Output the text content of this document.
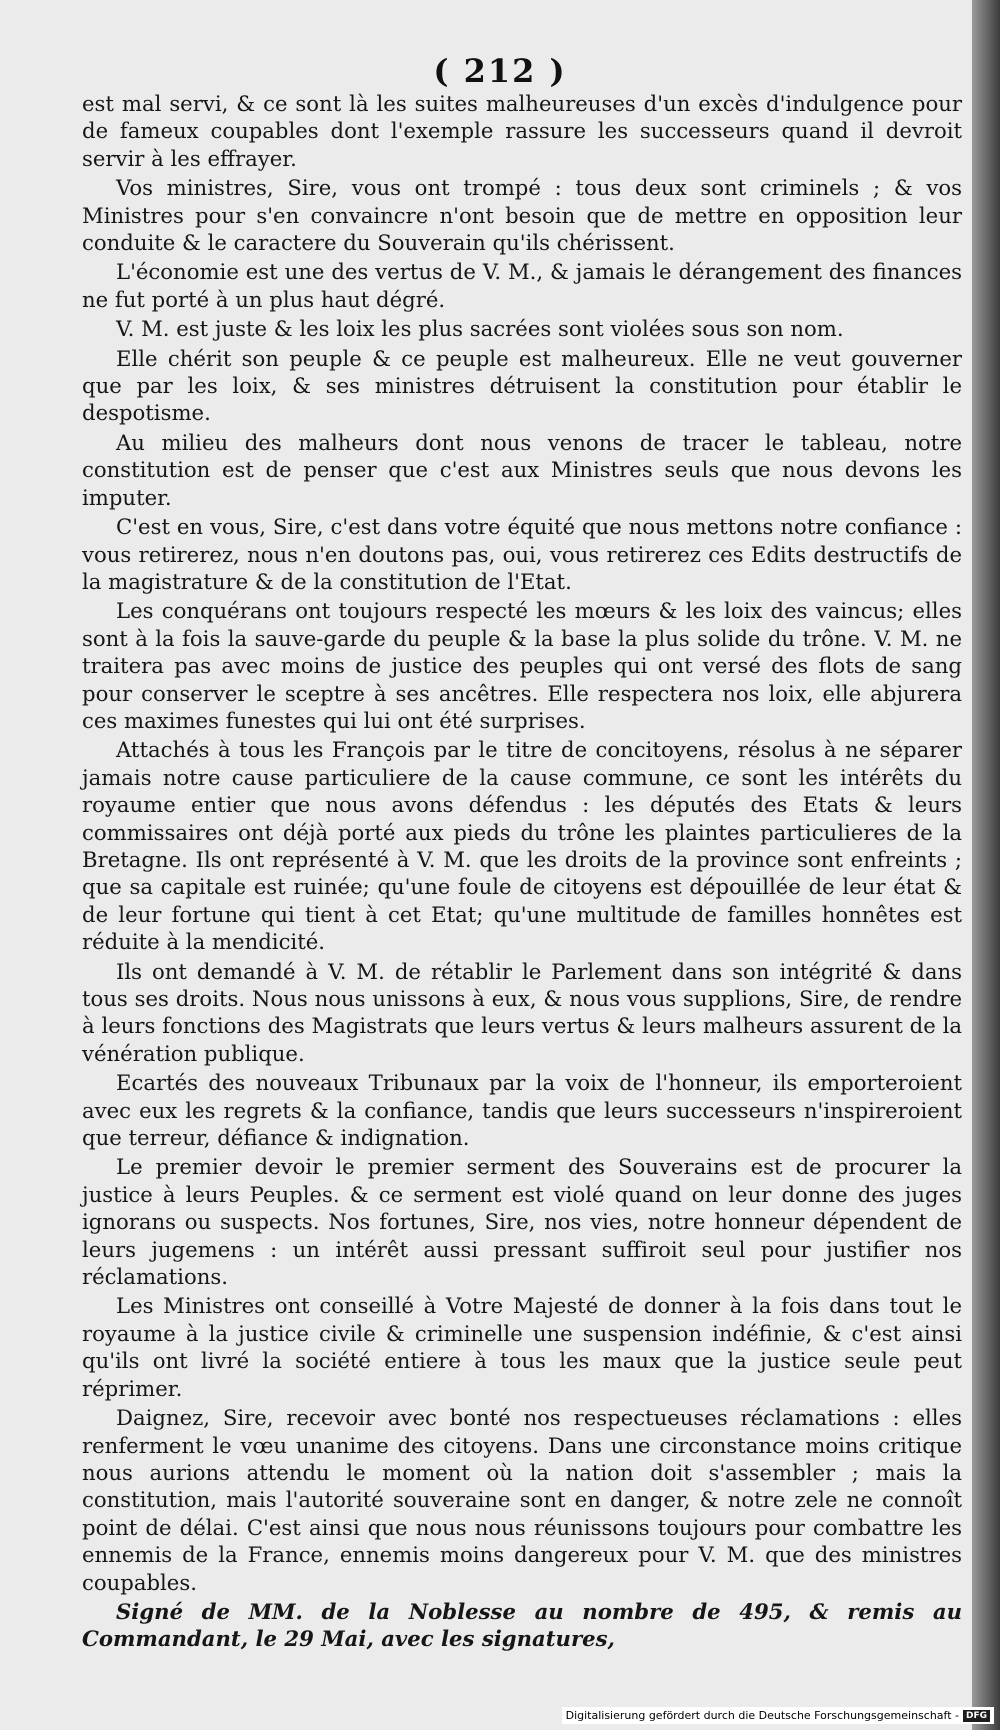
( 212 )

est mal servi, & ce sont là les suites malheureuses d'un excès d'indulgence pour de fameux coupables dont l'exemple rassure les successeurs quand il devroit servir à les effrayer.

Vos ministres, Sire, vous ont trompé : tous deux sont criminels ; & vos Ministres pour s'en convaincre n'ont besoin que de mettre en opposition leur conduite & le caractere du Souverain qu'ils chérissent.

L'économie est une des vertus de V. M., & jamais le dérangement des finances ne fut porté à un plus haut dégré.

V. M. est juste & les loix les plus sacrées sont violées sous son nom.

Elle chérit son peuple & ce peuple est malheureux. Elle ne veut gouverner que par les loix, & ses ministres détruisent la constitution pour établir le despotisme.

Au milieu des malheurs dont nous venons de tracer le tableau, notre constitution est de penser que c'est aux Ministres seuls que nous devons les imputer.

C'est en vous, Sire, c'est dans votre équité que nous mettons notre confiance : vous retirerez, nous n'en doutons pas, oui, vous retirerez ces Edits destructifs de la magistrature & de la constitution de l'Etat.

Les conquérans ont toujours respecté les mœurs & les loix des vaincus; elles sont à la fois la sauve-garde du peuple & la base la plus solide du trône. V. M. ne traitera pas avec moins de justice des peuples qui ont versé des flots de sang pour conserver le sceptre à ses ancêtres. Elle respectera nos loix, elle abjurera ces maximes funestes qui lui ont été surprises.

Attachés à tous les François par le titre de concitoyens, résolus à ne séparer jamais notre cause particuliere de la cause commune, ce sont les intérêts du royaume entier que nous avons défendus : les députés des Etats & leurs commissaires ont déjà porté aux pieds du trône les plaintes particulieres de la Bretagne. Ils ont représenté à V. M. que les droits de la province sont enfreints ; que sa capitale est ruinée; qu'une foule de citoyens est dépouillée de leur état & de leur fortune qui tient à cet Etat; qu'une multitude de familles honnêtes est réduite à la mendicité.

Ils ont demandé à V. M. de rétablir le Parlement dans son intégrité & dans tous ses droits. Nous nous unissons à eux, & nous vous supplions, Sire, de rendre à leurs fonctions des Magistrats que leurs vertus & leurs malheurs assurent de la vénération publique.

Ecartés des nouveaux Tribunaux par la voix de l'honneur, ils emporteroient avec eux les regrets & la confiance, tandis que leurs successeurs n'inspireroient que terreur, défiance & indignation.

Le premier devoir le premier serment des Souverains est de procurer la justice à leurs Peuples. & ce serment est violé quand on leur donne des juges ignorans ou suspects. Nos fortunes, Sire, nos vies, notre honneur dépendent de leurs jugemens : un intérêt aussi pressant suffiroit seul pour justifier nos réclamations.

Les Ministres ont conseillé à Votre Majesté de donner à la fois dans tout le royaume à la justice civile & criminelle une suspension indéfinie, & c'est ainsi qu'ils ont livré la société entiere à tous les maux que la justice seule peut réprimer.

Daignez, Sire, recevoir avec bonté nos respectueuses réclamations : elles renferment le vœu unanime des citoyens. Dans une circonstance moins critique nous aurions attendu le moment où la nation doit s'assembler ; mais la constitution, mais l'autorité souveraine sont en danger, & notre zele ne connoît point de délai. C'est ainsi que nous nous réunissons toujours pour combattre les ennemis de la France, ennemis moins dangereux pour V. M. que des ministres coupables.

Signé de MM. de la Noblesse au nombre de 495, & remis au Commandant, le 29 Mai, avec les signatures,

Digitalisierung gefördert durch die Deutsche Forschungsgemeinschaft - DFG
